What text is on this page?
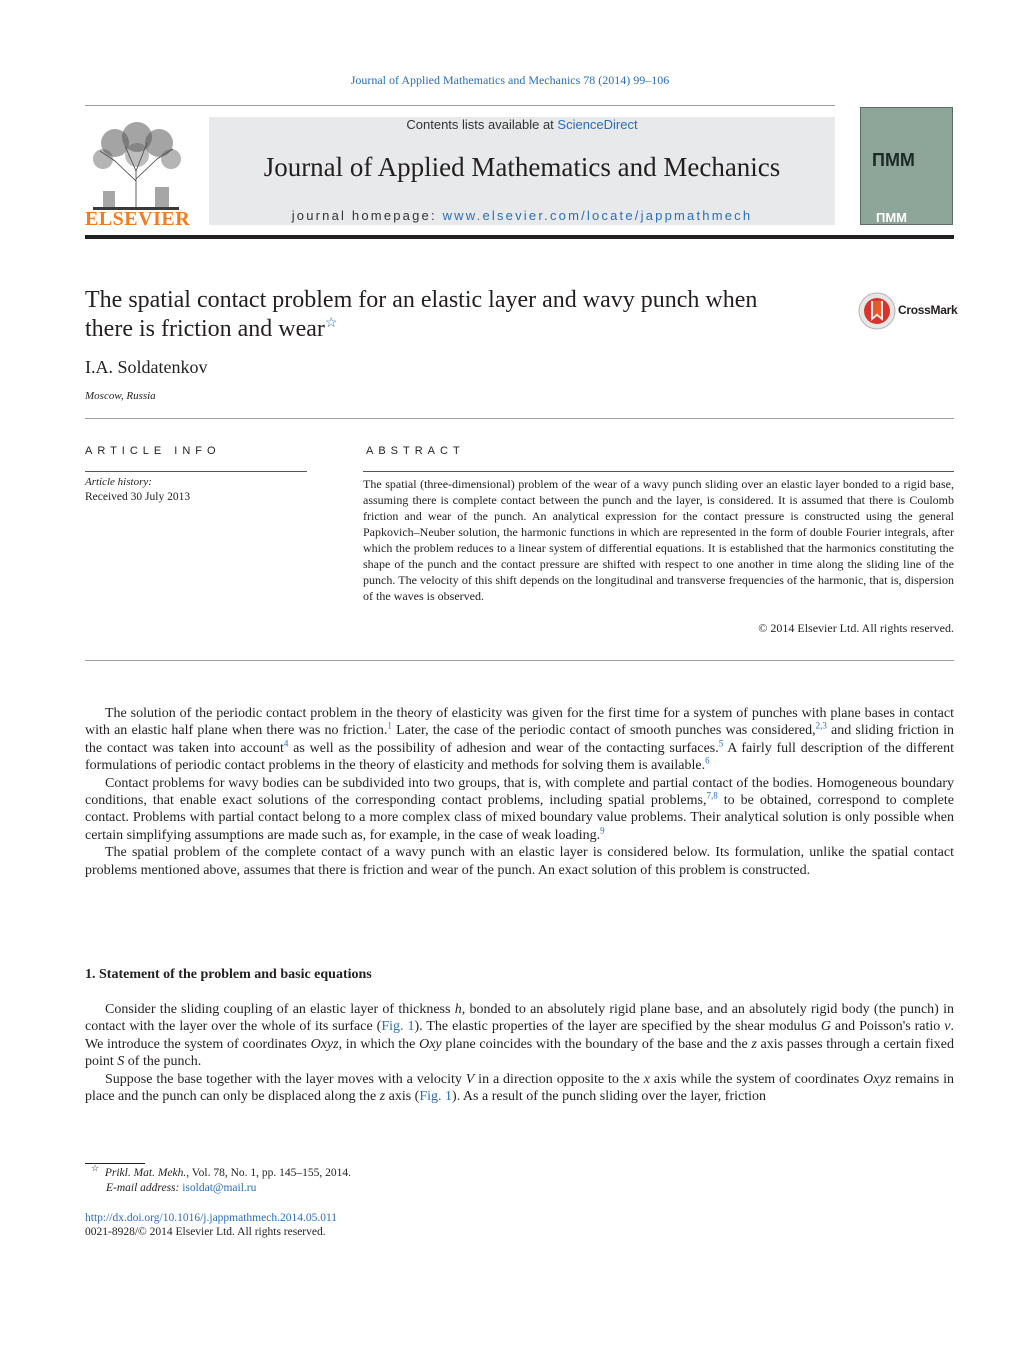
Journal of Applied Mathematics and Mechanics 78 (2014) 99–106
ELSEVIER
Contents lists available at ScienceDirect
Journal of Applied Mathematics and Mechanics
journal homepage: www.elsevier.com/locate/jappmathmech
ПММ
ПММ
The spatial contact problem for an elastic layer and wavy punch when
there is friction and wear☆
CrossMark
I.A. Soldatenkov
Moscow, Russia
ARTICLE INFO	ABSTRACT
Article history:
Received 30 July 2013
The spatial (three-dimensional) problem of the wear of a wavy punch sliding over an elastic layer bonded to a rigid base, assuming there is complete contact between the punch and the layer, is considered. It is assumed that there is Coulomb friction and wear of the punch. An analytical expression for the contact pressure is constructed using the general Papkovich–Neuber solution, the harmonic functions in which are represented in the form of double Fourier integrals, after which the problem reduces to a linear system of differential equations. It is established that the harmonics constituting the shape of the punch and the contact pressure are shifted with respect to one another in time along the sliding line of the punch. The velocity of this shift depends on the longitudinal and transverse frequencies of the harmonic, that is, dispersion of the waves is observed.
© 2014 Elsevier Ltd. All rights reserved.

The solution of the periodic contact problem in the theory of elasticity was given for the first time for a system of punches with plane bases in contact with an elastic half plane when there was no friction.$^1$ Later, the case of the periodic contact of smooth punches was considered,$^{2,3}$ and sliding friction in the contact was taken into account$^4$ as well as the possibility of adhesion and wear of the contacting surfaces.$^5$ A fairly full description of the different formulations of periodic contact problems in the theory of elasticity and methods for solving them is available.$^6$

Contact problems for wavy bodies can be subdivided into two groups, that is, with complete and partial contact of the bodies. Homogeneous boundary conditions, that enable exact solutions of the corresponding contact problems, including spatial problems,$^{7,8}$ to be obtained, correspond to complete contact. Problems with partial contact belong to a more complex class of mixed boundary value problems. Their analytical solution is only possible when certain simplifying assumptions are made such as, for example, in the case of weak loading.$^9$

The spatial problem of the complete contact of a wavy punch with an elastic layer is considered below. Its formulation, unlike the spatial contact problems mentioned above, assumes that there is friction and wear of the punch. An exact solution of this problem is constructed.

1. Statement of the problem and basic equations

Consider the sliding coupling of an elastic layer of thickness h, bonded to an absolutely rigid plane base, and an absolutely rigid body (the punch) in contact with the layer over the whole of its surface (Fig. 1). The elastic properties of the layer are specified by the shear modulus G and Poisson's ratio ν. We introduce the system of coordinates Oxyz, in which the Oxy plane coincides with the boundary of the base and the z axis passes through a certain fixed point S of the punch.

Suppose the base together with the layer moves with a velocity V in a direction opposite to the x axis while the system of coordinates Oxyz remains in place and the punch can only be displaced along the z axis (Fig. 1). As a result of the punch sliding over the layer, friction

☆ Prikl. Mat. Mekh., Vol. 78, No. 1, pp. 145–155, 2014.
E-mail address: isoldat@mail.ru
http://dx.doi.org/10.1016/j.jappmathmech.2014.05.011
0021-8928/© 2014 Elsevier Ltd. All rights reserved.
